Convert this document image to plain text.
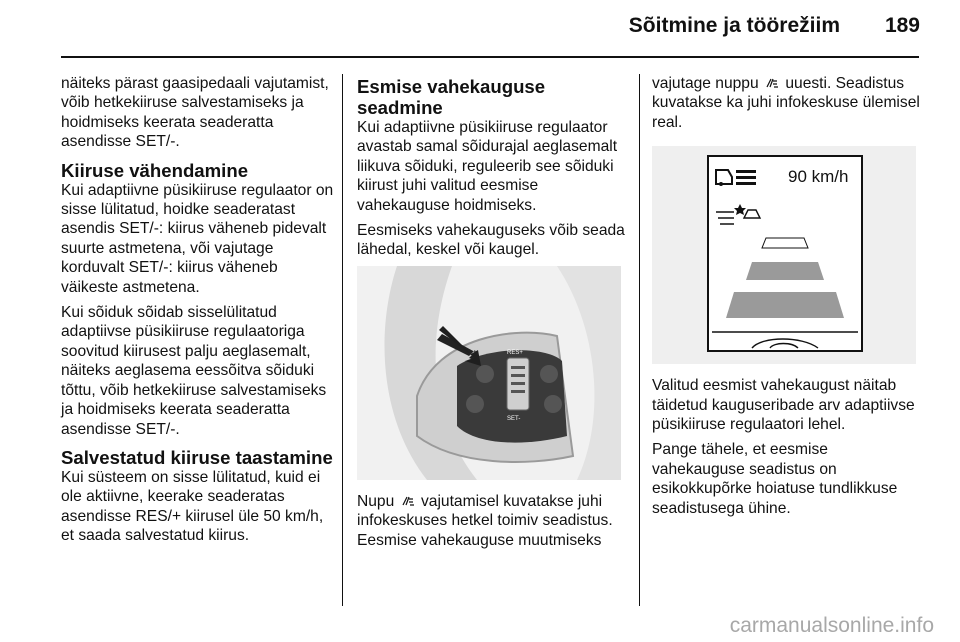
Sõitmine ja töörežiim 189

näiteks pärast gaasipedaali vajutamist, võib hetkekiiruse salvestamiseks ja hoidmiseks keerata seaderatta asendisse SET/-.

Kiiruse vähendamine

Kui adaptiivne püsikiiruse regulaator on sisse lülitatud, hoidke seaderatast asendis SET/-: kiirus väheneb pidevalt suurte astmetena, või vajutage korduvalt SET/-: kiirus väheneb väikeste astmetena.

Kui sõiduk sõidab sisselülitatud adaptiivse püsikiiruse regulaatoriga soovitud kiirusest palju aeglasemalt, näiteks aeglasema eessõitva sõiduki tõttu, võib hetkekiiruse salvestamiseks ja hoidmiseks keerata seaderatta asendisse SET/-.

Salvestatud kiiruse taastamine

Kui süsteem on sisse lülitatud, kuid ei ole aktiivne, keerake seaderatas asendisse RES/+ kiirusel üle 50 km/h, et saada salvestatud kiirus.

Esmise vahekauguse seadmine

Kui adaptiivne püsikiiruse regulaator avastab samal sõidurajal aeglasemalt liikuva sõiduki, reguleerib see sõiduki kiirust juhi valitud eesmise vahekauguse hoidmiseks.

Eesmiseks vahekauguseks võib seada lähedal, keskel või kaugel.

RES+
SET-

Nupu vajutamisel kuvatakse juhi infokeskuses hetkel toimiv seadistus. Eesmise vahekauguse muutmiseks

vajutage nuppu uuesti. Seadistus kuvatakse ka juhi infokeskuse ülemisel real.

90 km/h

Valitud eesmist vahekaugust näitab täidetud kauguseribade arv adaptiivse püsikiiruse regulaatori lehel.

Pange tähele, et eesmise vahekauguse seadistus on esikokkupõrke hoiatuse tundlikkuse seadistusega ühine.

carmanualsonline.info
